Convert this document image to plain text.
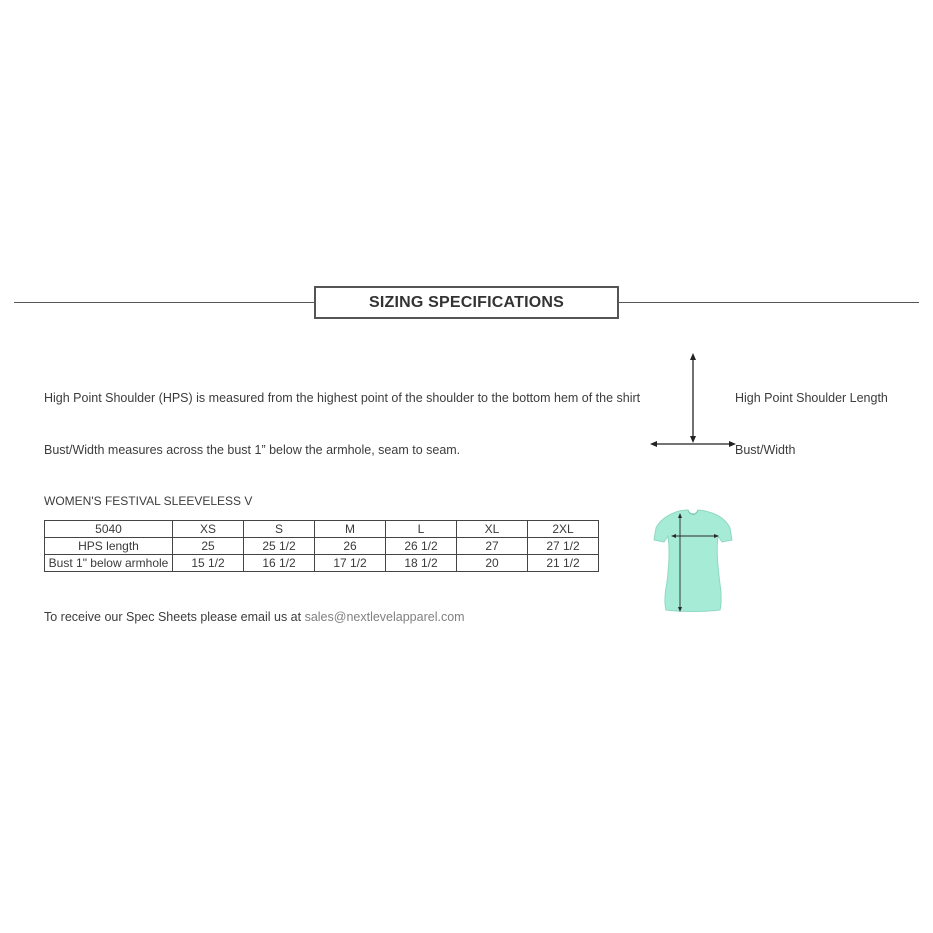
SIZING SPECIFICATIONS
High Point Shoulder (HPS) is measured from the highest point of the shoulder to the bottom hem of the shirt
Bust/Width measures across the bust 1” below the armhole, seam to seam.
High Point Shoulder Length
Bust/Width
WOMEN'S FESTIVAL SLEEVELESS V
5040	XS	S	M	L	XL	2XL
HPS length	25	25 1/2	26	26 1/2	27	27 1/2
Bust 1" below armhole	15 1/2	16 1/2	17 1/2	18 1/2	20	21 1/2
To receive our Spec Sheets please email us at sales@nextlevelapparel.com
